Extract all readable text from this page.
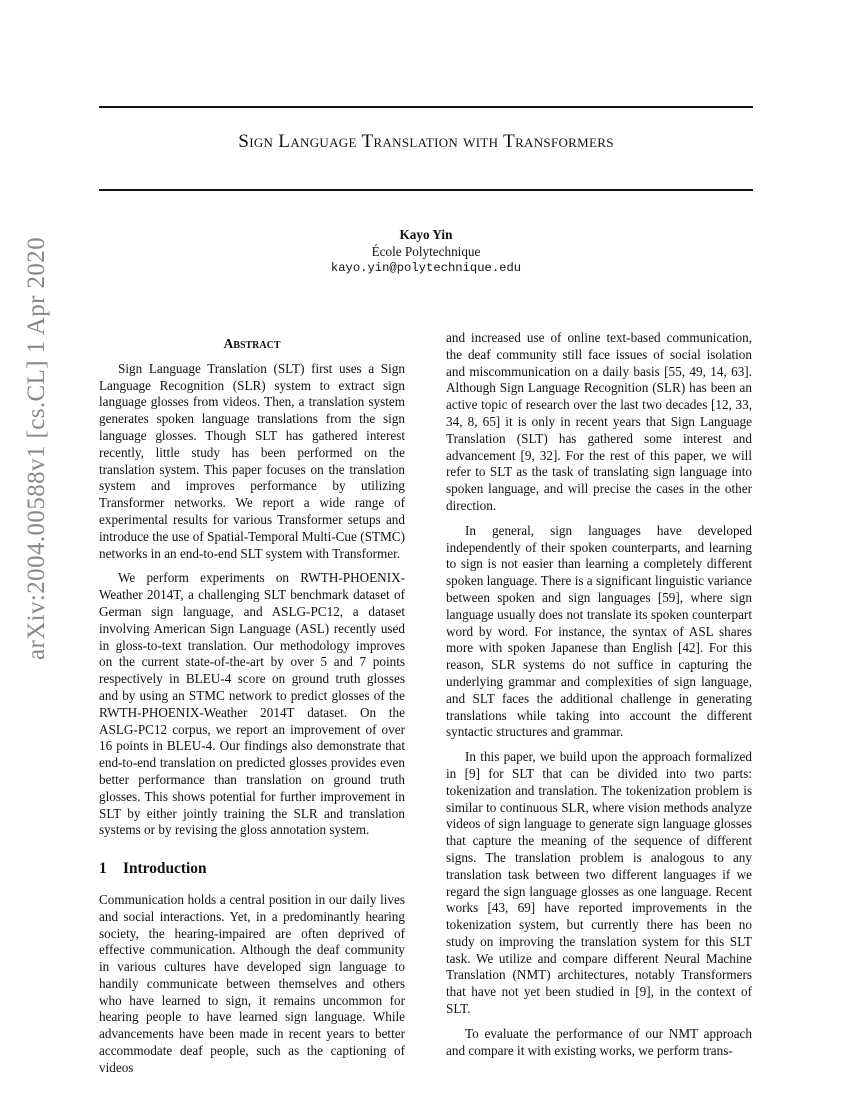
Sign Language Translation with Transformers
Kayo Yin
École Polytechnique
kayo.yin@polytechnique.edu
arXiv:2004.00588v1 [cs.CL] 1 Apr 2020	Abstract

Sign Language Translation (SLT) first uses a Sign Language Recognition (SLR) system to extract sign language glosses from videos. Then, a translation system generates spoken language translations from the sign language glosses. Though SLT has gathered interest recently, little study has been performed on the translation system. This paper focuses on the translation system and improves performance by utilizing Transformer networks. We report a wide range of experimental results for various Transformer setups and introduce the use of Spatial-Temporal Multi-Cue (STMC) networks in an end-to-end SLT system with Transformer.

We perform experiments on RWTH-PHOENIX-Weather 2014T, a challenging SLT benchmark dataset of German sign language, and ASLG-PC12, a dataset involving American Sign Language (ASL) recently used in gloss-to-text translation. Our methodology improves on the current state-of-the-art by over 5 and 7 points respectively in BLEU-4 score on ground truth glosses and by using an STMC network to predict glosses of the RWTH-PHOENIX-Weather 2014T dataset. On the ASLG-PC12 corpus, we report an improvement of over 16 points in BLEU-4. Our findings also demonstrate that end-to-end translation on predicted glosses provides even better performance than translation on ground truth glosses. This shows potential for further improvement in SLT by either jointly training the SLR and translation systems or by revising the gloss annotation system.

1 Introduction

Communication holds a central position in our daily lives and social interactions. Yet, in a predominantly hearing society, the hearing-impaired are often deprived of effective communication. Although the deaf community in various cultures have developed sign language to handily communicate between themselves and others who have learned to sign, it remains uncommon for hearing people to have learned sign language. While advancements have been made in recent years to better accommodate deaf people, such as the captioning of videos

and increased use of online text-based communication, the deaf community still face issues of social isolation and miscommunication on a daily basis [55, 49, 14, 63]. Although Sign Language Recognition (SLR) has been an active topic of research over the last two decades [12, 33, 34, 8, 65] it is only in recent years that Sign Language Translation (SLT) has gathered some interest and advancement [9, 32]. For the rest of this paper, we will refer to SLT as the task of translating sign language into spoken language, and will precise the cases in the other direction.

In general, sign languages have developed independently of their spoken counterparts, and learning to sign is not easier than learning a completely different spoken language. There is a significant linguistic variance between spoken and sign languages [59], where sign language usually does not translate its spoken counterpart word by word. For instance, the syntax of ASL shares more with spoken Japanese than English [42]. For this reason, SLR systems do not suffice in capturing the underlying grammar and complexities of sign language, and SLT faces the additional challenge in generating translations while taking into account the different syntactic structures and grammar.

In this paper, we build upon the approach formalized in [9] for SLT that can be divided into two parts: tokenization and translation. The tokenization problem is similar to continuous SLR, where vision methods analyze videos of sign language to generate sign language glosses that capture the meaning of the sequence of different signs. The translation problem is analogous to any translation task between two different languages if we regard the sign language glosses as one language. Recent works [43, 69] have reported improvements in the tokenization system, but currently there has been no study on improving the translation system for this SLT task. We utilize and compare different Neural Machine Translation (NMT) architectures, notably Transformers that have not yet been studied in [9], in the context of SLT.

To evaluate the performance of our NMT approach and compare it with existing works, we perform trans-
